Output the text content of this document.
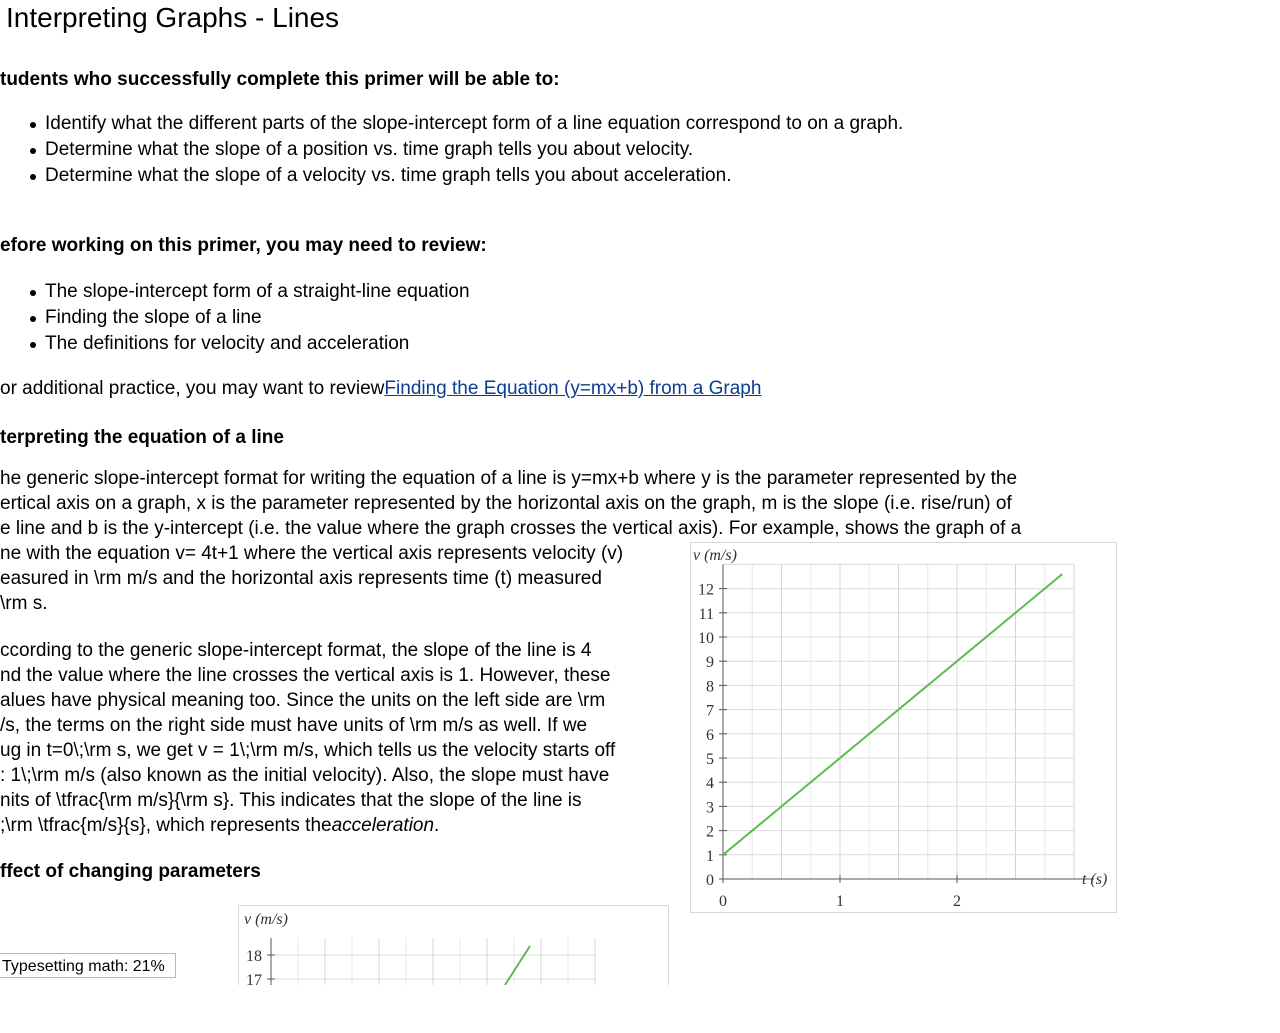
Interpreting Graphs - Lines
tudents who successfully complete this primer will be able to:
Identify what the different parts of the slope-intercept form of a line equation correspond to on a graph.
Determine what the slope of a position vs. time graph tells you about velocity.
Determine what the slope of a velocity vs. time graph tells you about acceleration.
efore working on this primer, you may need to review:
The slope-intercept form of a straight-line equation
Finding the slope of a line
The definitions for velocity and acceleration
or additional practice, you may want to reviewFinding the Equation (y=mx+b) from a Graph
terpreting the equation of a line
he generic slope-intercept format for writing the equation of a line is y=mx+b where y is the parameter represented by the
ertical axis on a graph, x is the parameter represented by the horizontal axis on the graph, m is the slope (i.e. rise/run) of
e line and b is the y-intercept (i.e. the value where the graph crosses the vertical axis). For example, shows the graph of a
ne with the equation v= 4t+1 where the vertical axis represents velocity (v)
easured in \rm m/s and the horizontal axis represents time (t) measured
\rm s.
ccording to the generic slope-intercept format, the slope of the line is 4
nd the value where the line crosses the vertical axis is 1. However, these
alues have physical meaning too. Since the units on the left side are \rm
/s, the terms on the right side must have units of \rm m/s as well. If we
ug in t=0\;\rm s, we get v = 1\;\rm m/s, which tells us the velocity starts off
: 1\;\rm m/s (also known as the initial velocity). Also, the slope must have
nits of \tfrac{\rm m/s}{\rm s}. This indicates that the slope of the line is
;\rm \tfrac{m/s}{s}, which represents theacceleration.
ffect of changing parameters	0
1
2
3
4
5
6
7
8
9
10
11
12
0	1	2
v (m/s)
t (s)
18
17
v (m/s)
Typesetting math: 21%
